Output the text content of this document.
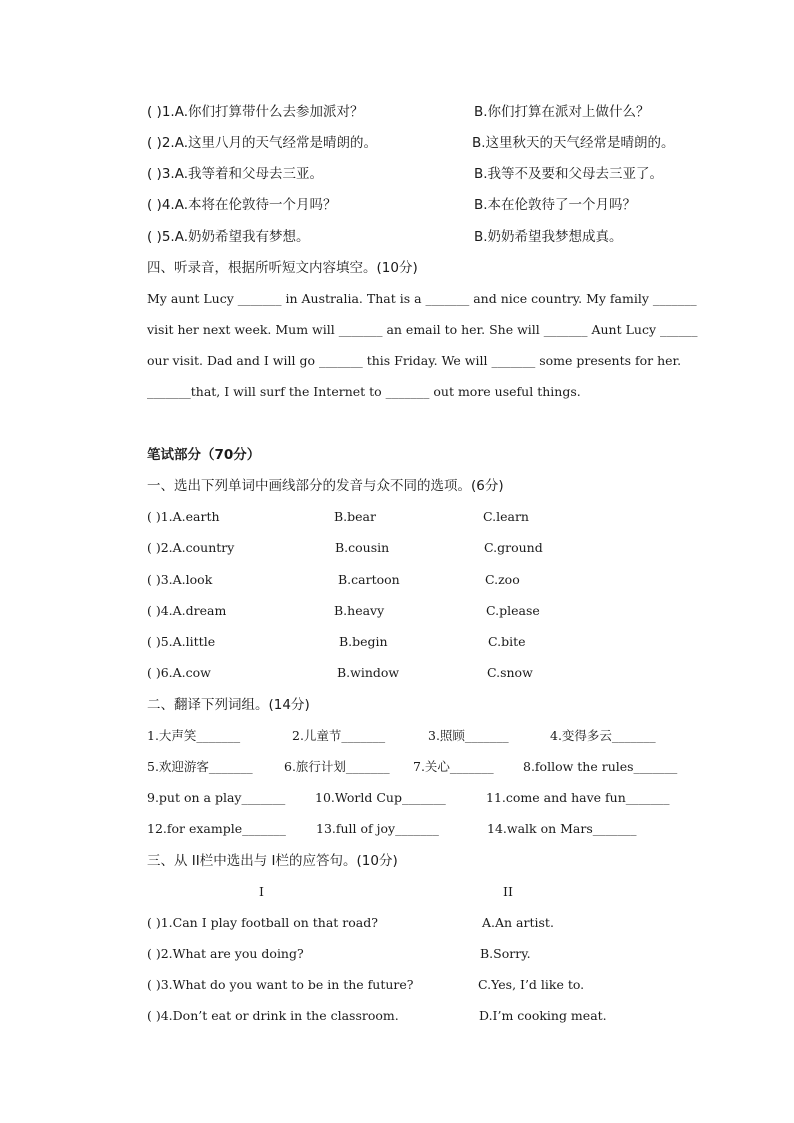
( )1.A.你们打算带什么去参加派对？	B.你们打算在派对上做什么？
( )2.A.这里八月的天气经常是晴朗的。	B.这里秋天的天气经常是晴朗的。
( )3.A.我等着和父母去三亚。	B.我等不及要和父母去三亚了。
( )4.A.本将在伦敦待一个月吗？	B.本在伦敦待了一个月吗？
( )5.A.奶奶希望我有梦想。	B.奶奶希望我梦想成真。
四、听录音，根据所听短文内容填空。(10分)
My aunt Lucy _______ in Australia. That is a _______ and nice country. My family _______
visit her next week. Mum will _______ an email to her. She will _______ Aunt Lucy ______
our visit. Dad and I will go _______ this Friday. We will _______ some presents for her.
_______that, I will surf the Internet to _______ out more useful things.
笔试部分（70分）
一、选出下列单词中画线部分的发音与众不同的选项。(6分)
( )1.A.earth	B.bear	C.learn
( )2.A.country	B.cousin	C.ground
( )3.A.look	B.cartoon	C.zoo
( )4.A.dream	B.heavy	C.please
( )5.A.little	B.begin	C.bite
( )6.A.cow	B.window	C.snow
二、翻译下列词组。(14分)
1.大声笑_______	2.儿童节_______	3.照顾_______	4.变得多云_______
5.欢迎游客_______	6.旅行计划_______ 7.关心_______ 8.follow the rules_______
9.put on a play_______ 10.World Cup_______	11.come and have fun_______
12.for example_______ 13.full of joy_______	14.walk on Mars_______
三、从 II栏中选出与 I栏的应答句。(10分)
I	II
( )1.Can I play football on that road?	A.An artist.
( )2.What are you doing?	B.Sorry.
( )3.What do you want to be in the future?	C.Yes, I’d like to.
( )4.Don’t eat or drink in the classroom.	D.I’m cooking meat.
